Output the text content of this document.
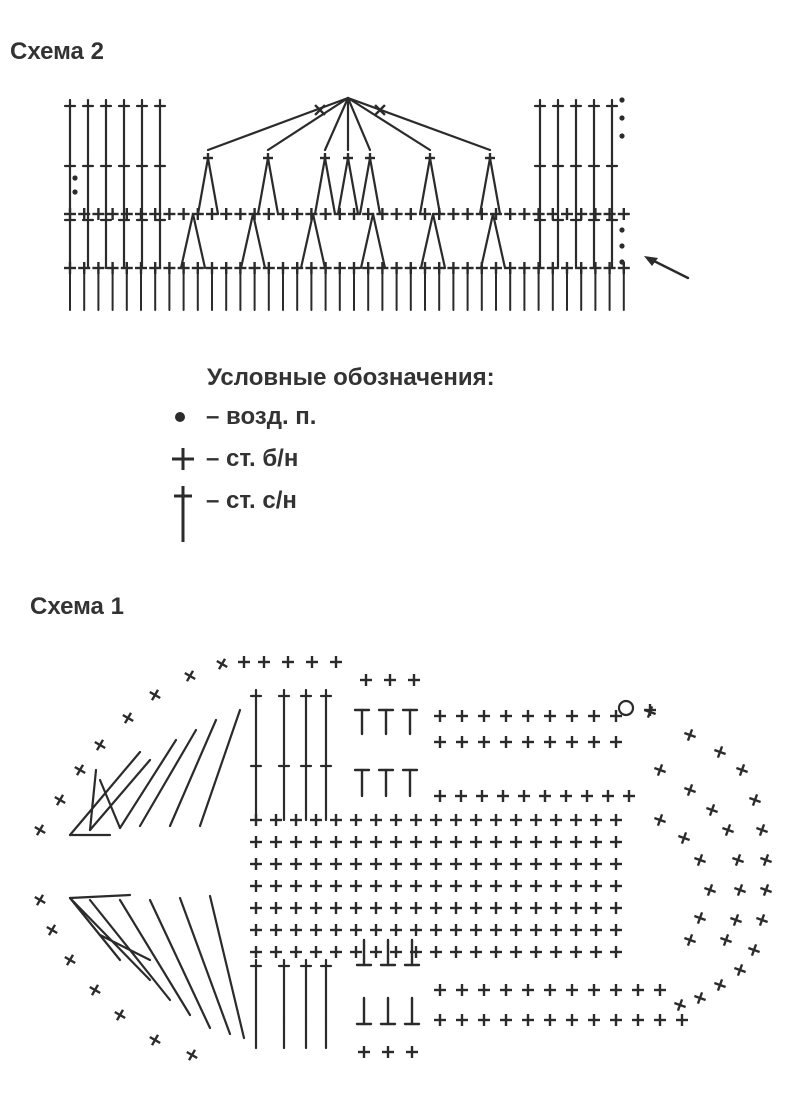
Схема 2
Условные обозначения:
– возд. п.
– ст. б/н
– ст. с/н
Схема 1
